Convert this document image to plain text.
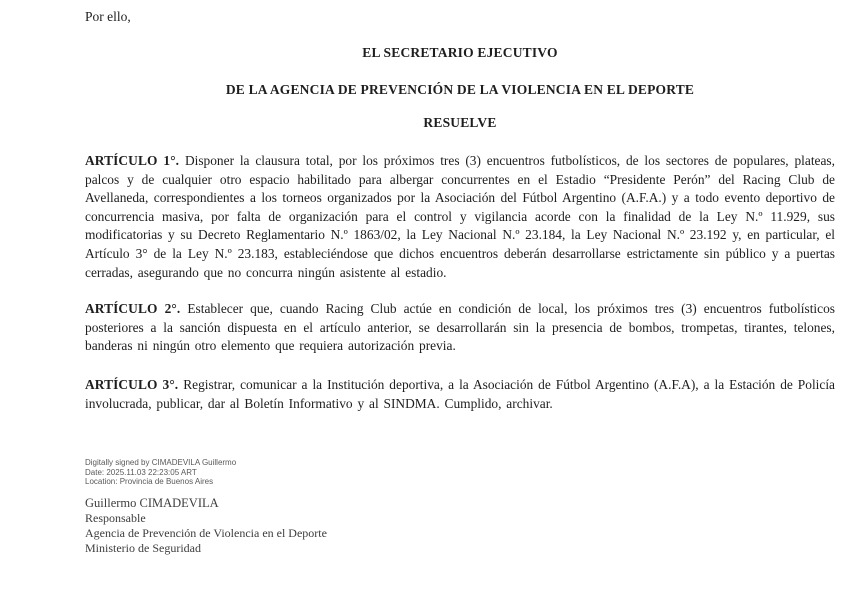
Por ello,

EL SECRETARIO EJECUTIVO

DE LA AGENCIA DE PREVENCIÓN DE LA VIOLENCIA EN EL DEPORTE

RESUELVE

ARTÍCULO 1°. Disponer la clausura total, por los próximos tres (3) encuentros futbolísticos, de los sectores de populares, plateas, palcos y de cualquier otro espacio habilitado para albergar concurrentes en el Estadio “Presidente Perón” del Racing Club de Avellaneda, correspondientes a los torneos organizados por la Asociación del Fútbol Argentino (A.F.A.) y a todo evento deportivo de concurrencia masiva, por falta de organización para el control y vigilancia acorde con la finalidad de la Ley N.º 11.929, sus modificatorias y su Decreto Reglamentario N.º 1863/02, la Ley Nacional N.º 23.184, la Ley Nacional N.º 23.192 y, en particular, el Artículo 3° de la Ley N.º 23.183, estableciéndose que dichos encuentros deberán desarrollarse estrictamente sin público y a puertas cerradas, asegurando que no concurra ningún asistente al estadio.

ARTÍCULO 2°. Establecer que, cuando Racing Club actúe en condición de local, los próximos tres (3) encuentros futbolísticos posteriores a la sanción dispuesta en el artículo anterior, se desarrollarán sin la presencia de bombos, trompetas, tirantes, telones, banderas ni ningún otro elemento que requiera autorización previa.

ARTÍCULO 3°. Registrar, comunicar a la Institución deportiva, a la Asociación de Fútbol Argentino (A.F.A), a la Estación de Policía involucrada, publicar, dar al Boletín Informativo y al SINDMA. Cumplido, archivar.

Digitally signed by CIMADEVILA Guillermo
Date: 2025.11.03 22:23:05 ART
Location: Provincia de Buenos Aires
Guillermo CIMADEVILA
Responsable
Agencia de Prevención de Violencia en el Deporte
Ministerio de Seguridad
